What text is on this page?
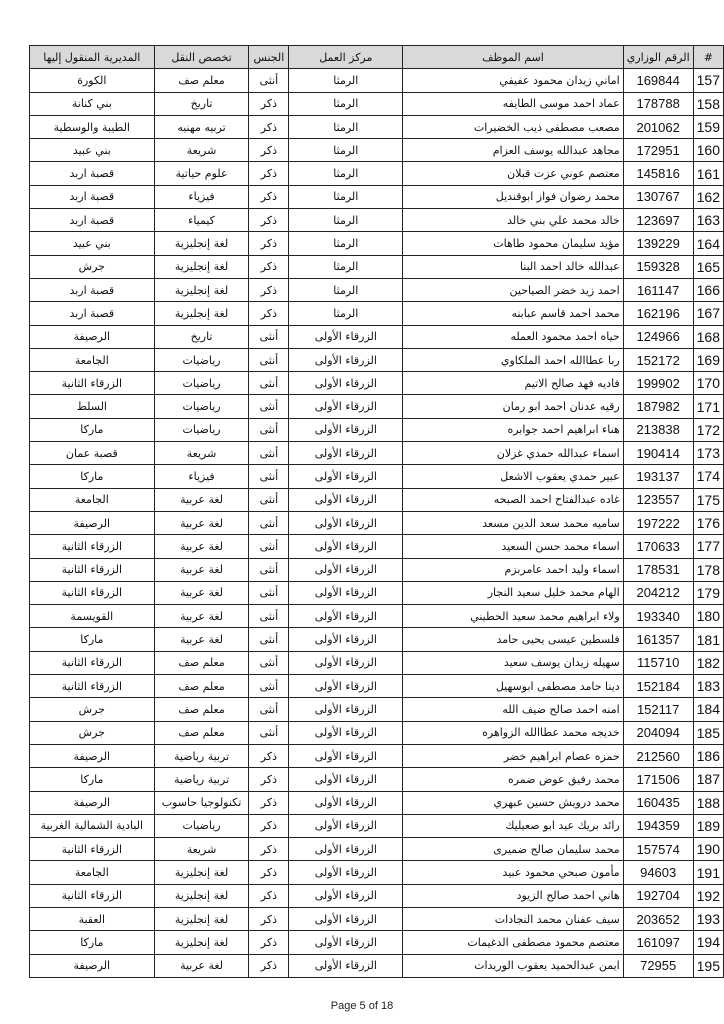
#	الرقم الوزاري	اسم الموظف	مركز العمل	الجنس	تخصص النقل	المديرية المنقول إليها
157	169844	اماني زيدان محمود عفيفي	الرمثا	أنثى	معلم صف	الكورة
158	178788	عماد احمد موسى الطايفه	الرمثا	ذكر	تاريخ	بني كنانة
159	201062	مصعب مصطفى ذيب الخضيرات	الرمثا	ذكر	تربيه مهنيه	الطيبة والوسطية
160	172951	مجاهد عبدالله يوسف العزام	الرمثا	ذكر	شريعة	بني عبيد
161	145816	معتصم عوني عزت قبلان	الرمثا	ذكر	علوم حياتية	قصبة اربد
162	130767	محمد رضوان فواز ابوقنديل	الرمثا	ذكر	فيزياء	قصبة اربد
163	123697	خالد محمد علي بني خالد	الرمثا	ذكر	كيمياء	قصبة اربد
164	139229	مؤيد سليمان محمود طاهات	الرمثا	ذكر	لغة إنجليزية	بني عبيد
165	159328	عبدالله خالد احمد البنا	الرمثا	ذكر	لغة إنجليزية	جرش
166	161147	احمد زيد خضر الصياحين	الرمثا	ذكر	لغة إنجليزية	قصبة اربد
167	162196	محمد احمد قاسم عبابنه	الرمثا	ذكر	لغة إنجليزية	قصبة اربد
168	124966	حياه احمد محمود العمله	الزرقاء الأولى	أنثى	تاريخ	الرصيفة
169	152172	ربا عطاالله احمد الملكاوي	الزرقاء الأولى	أنثى	رياضيات	الجامعة
170	199902	فاديه فهد صالح الاتيم	الزرقاء الأولى	أنثى	رياضيات	الزرقاء الثانية
171	187982	رقيه عدنان احمد ابو رمان	الزرقاء الأولى	أنثى	رياضيات	السلط
172	213838	هناء ابراهيم احمد جوابره	الزرقاء الأولى	أنثى	رياضيات	ماركا
173	190414	اسماء عبدالله حمدي غزلان	الزرقاء الأولى	أنثى	شريعة	قصبة عمان
174	193137	عبير حمدي يعقوب الاشعل	الزرقاء الأولى	أنثى	فيزياء	ماركا
175	123557	غاده عبدالفتاح احمد الصبحه	الزرقاء الأولى	أنثى	لغة عربية	الجامعة
176	197222	ساميه محمد سعد الدين مسعد	الزرقاء الأولى	أنثى	لغة عربية	الرصيفة
177	170633	اسماء محمد حسن السعيد	الزرقاء الأولى	أنثى	لغة عربية	الزرقاء الثانية
178	178531	اسماء وليد احمد عامربزم	الزرقاء الأولى	أنثى	لغة عربية	الزرقاء الثانية
179	204212	الهام محمد خليل سعيد النجار	الزرقاء الأولى	أنثى	لغة عربية	الزرقاء الثانية
180	193340	ولاء ابراهيم محمد سعيد الحطيني	الزرقاء الأولى	أنثى	لغة عربية	القويسمة
181	161357	فلسطين عيسى يحيى حامد	الزرقاء الأولى	أنثى	لغة عربية	ماركا
182	115710	سهيله زيدان يوسف سعيد	الزرقاء الأولى	أنثى	معلم صف	الزرقاء الثانية
183	152184	دينا حامد مصطفى ابوسهيل	الزرقاء الأولى	أنثى	معلم صف	الزرقاء الثانية
184	152117	امنه احمد صالح ضيف الله	الزرقاء الأولى	أنثى	معلم صف	جرش
185	204094	خديجه محمد عطاالله الزواهره	الزرقاء الأولى	أنثى	معلم صف	جرش
186	212560	حمزه عصام ابراهيم خضر	الزرقاء الأولى	ذكر	تربية رياضية	الرصيفة
187	171506	محمد رفيق عوض ضمره	الزرقاء الأولى	ذكر	تربية رياضية	ماركا
188	160435	محمد درويش حسين عبهري	الزرقاء الأولى	ذكر	تكنولوجيا حاسوب	الرصيفة
189	194359	رائد بريك عيد ابو صعيليك	الزرقاء الأولى	ذكر	رياضيات	البادية الشمالية الغربية
190	157574	محمد سليمان صالح ضميرى	الزرقاء الأولى	ذكر	شريعة	الزرقاء الثانية
191	94603	مأمون صبحي محمود عبيد	الزرقاء الأولى	ذكر	لغة إنجليزية	الجامعة
192	192704	هاني احمد صالح الزيود	الزرقاء الأولى	ذكر	لغة إنجليزية	الزرقاء الثانية
193	203652	سيف عفنان محمد النجادات	الزرقاء الأولى	ذكر	لغة إنجليزية	العقبة
194	161097	معتصم محمود مصطفى الدغيمات	الزرقاء الأولى	ذكر	لغة إنجليزية	ماركا
195	72955	ايمن عبدالحميد يعقوب الوريدات	الزرقاء الأولى	ذكر	لغة عربية	الرصيفة
Page 5 of 18
